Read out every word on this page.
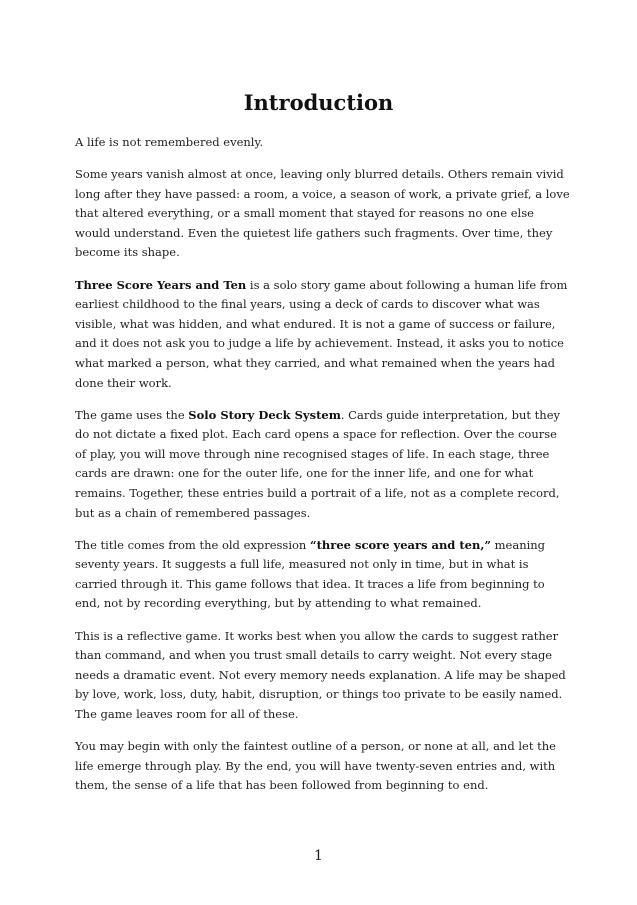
Introduction

A life is not remembered evenly.

Some years vanish almost at once, leaving only blurred details. Others remain vivid long after they have passed: a room, a voice, a season of work, a private grief, a love that altered everything, or a small moment that stayed for reasons no one else would understand. Even the quietest life gathers such fragments. Over time, they become its shape.

Three Score Years and Ten is a solo story game about following a human life from earliest childhood to the final years, using a deck of cards to discover what was visible, what was hidden, and what endured. It is not a game of success or failure, and it does not ask you to judge a life by achievement. Instead, it asks you to notice what marked a person, what they carried, and what remained when the years had done their work.

The game uses the Solo Story Deck System. Cards guide interpretation, but they do not dictate a fixed plot. Each card opens a space for reflection. Over the course of play, you will move through nine recognised stages of life. In each stage, three cards are drawn: one for the outer life, one for the inner life, and one for what remains. Together, these entries build a portrait of a life, not as a complete record, but as a chain of remembered passages.

The title comes from the old expression “three score years and ten,” meaning seventy years. It suggests a full life, measured not only in time, but in what is carried through it. This game follows that idea. It traces a life from beginning to end, not by recording everything, but by attending to what remained.

This is a reflective game. It works best when you allow the cards to suggest rather than command, and when you trust small details to carry weight. Not every stage needs a dramatic event. Not every memory needs explanation. A life may be shaped by love, work, loss, duty, habit, disruption, or things too private to be easily named. The game leaves room for all of these.

You may begin with only the faintest outline of a person, or none at all, and let the life emerge through play. By the end, you will have twenty-seven entries and, with them, the sense of a life that has been followed from beginning to end.

1
